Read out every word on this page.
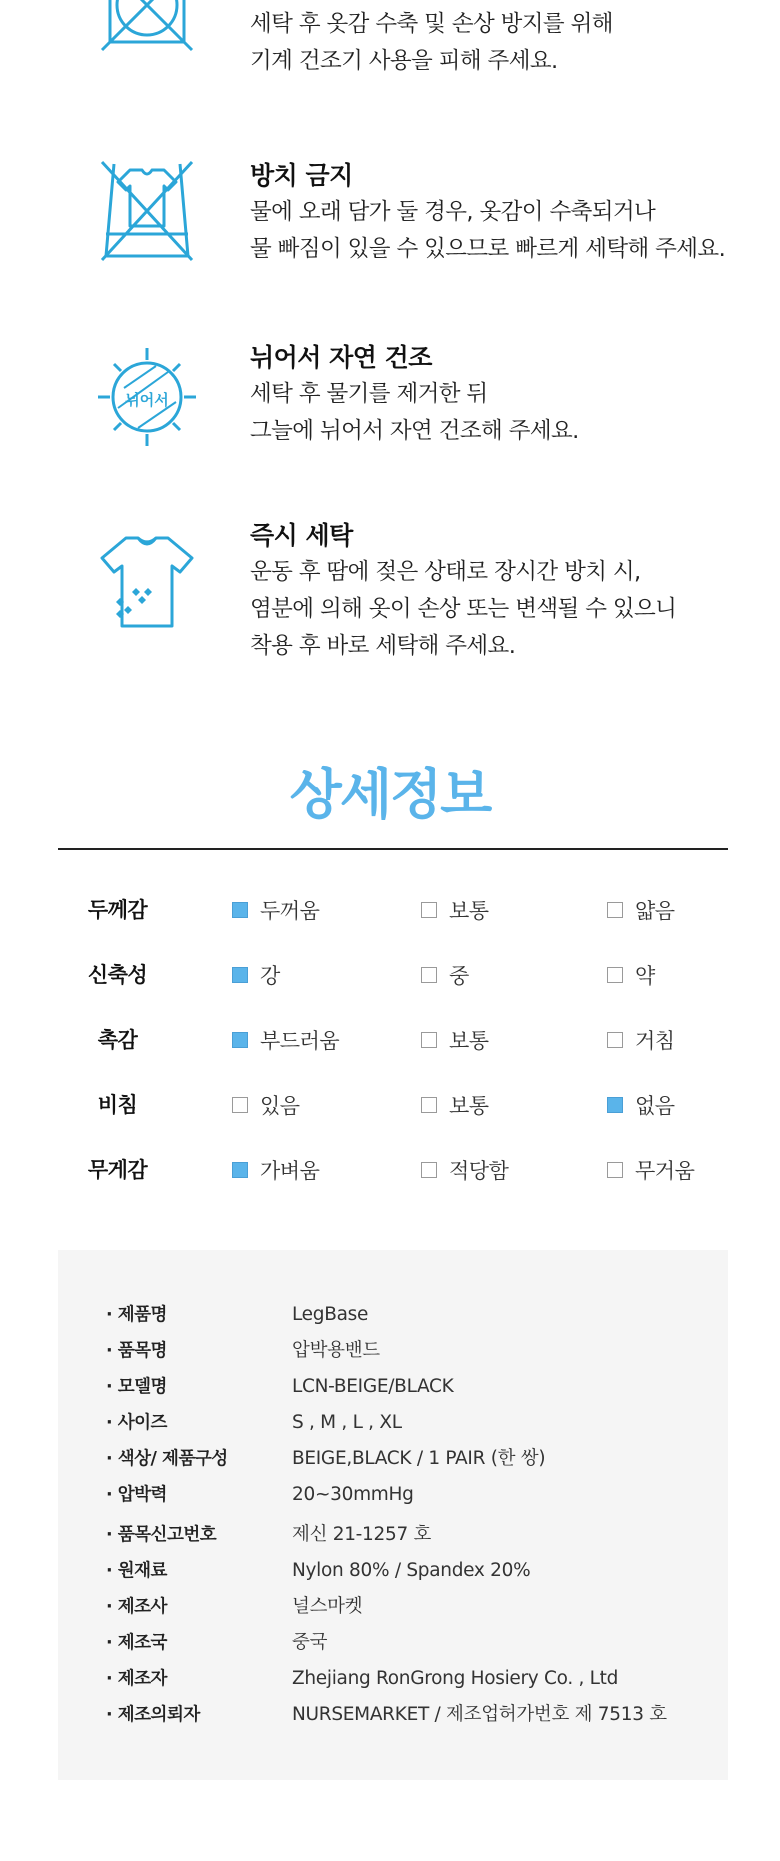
세탁 후 옷감 수축 및 손상 방지를 위해
기계 건조기 사용을 피해 주세요.
방치 금지
물에 오래 담가 둘 경우, 옷감이 수축되거나
물 빠짐이 있을 수 있으므로 빠르게 세탁해 주세요.
뉘어서
뉘어서 자연 건조
세탁 후 물기를 제거한 뒤
그늘에 뉘어서 자연 건조해 주세요.
즉시 세탁
운동 후 땀에 젖은 상태로 장시간 방치 시,
염분에 의해 옷이 손상 또는 변색될 수 있으니
착용 후 바로 세탁해 주세요.
상세정보
두께감	두꺼움	보통	얇음
신축성	강	중	약
촉감	부드러움	보통	거침
비침	있음	보통	없음
무게감	가벼움	적당함	무거움
· 제품명	LegBase
· 품목명	압박용밴드
· 모델명	LCN-BEIGE/BLACK
· 사이즈	S , M , L , XL
· 색상/ 제품구성	BEIGE,BLACK / 1 PAIR (한 쌍)
· 압박력	20~30mmHg
· 품목신고번호	제신 21-1257 호
· 원재료	Nylon 80% / Spandex 20%
· 제조사	널스마켓
· 제조국	중국
· 제조자	Zhejiang RonGrong Hosiery Co. , Ltd
· 제조의뢰자	NURSEMARKET / 제조업허가번호 제 7513 호
